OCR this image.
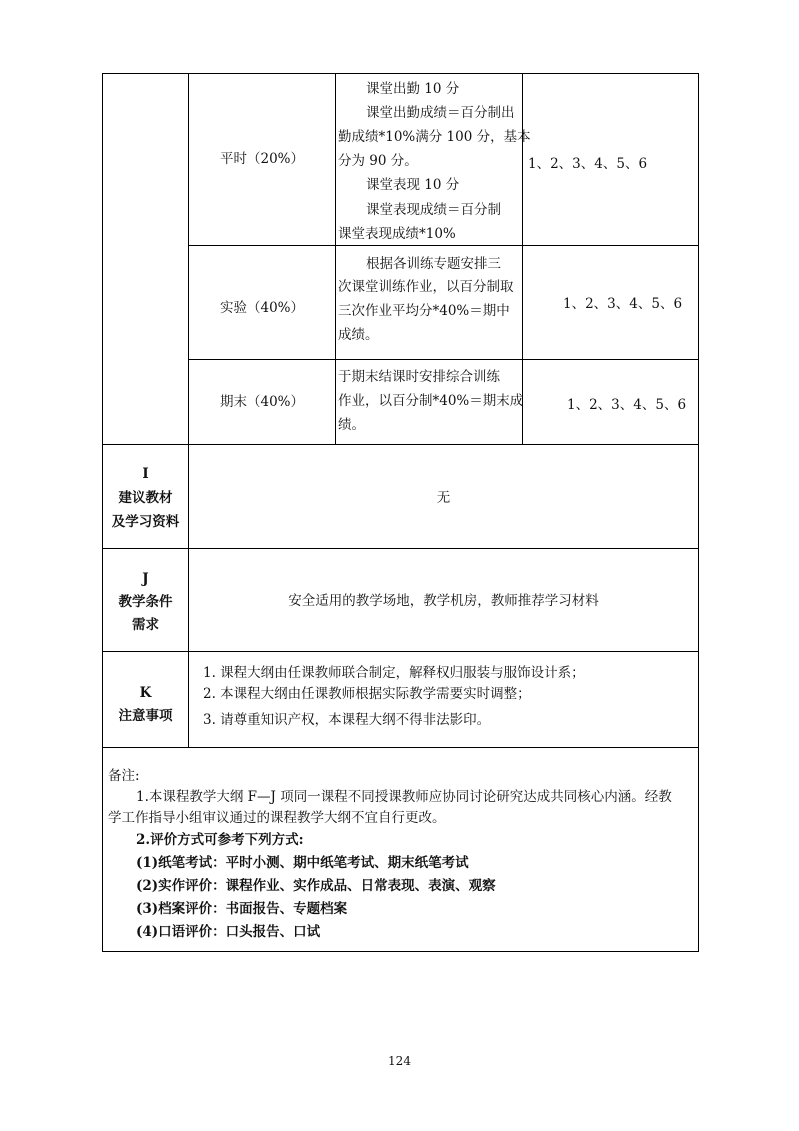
平时（20%）
课堂出勤 10 分
课堂出勤成绩＝百分制出
勤成绩*10%满分 100 分，基本
分为 90 分。
课堂表现 10 分
课堂表现成绩＝百分制
课堂表现成绩*10%
1、2、3、4、5、6
实验（40%）
根据各训练专题安排三
次课堂训练作业，以百分制取
三次作业平均分*40%＝期中
成绩。
1、2、3、4、5、6
期末（40%）
于期末结课时安排综合训练
作业，以百分制*40%＝期末成
绩。
1、2、3、4、5、6
I
建议教材
及学习资料
无
J
教学条件
需求
安全适用的教学场地，教学机房，教师推荐学习材料
K
注意事项
1. 课程大纲由任课教师联合制定，解释权归服装与服饰设计系；
2. 本课程大纲由任课教师根据实际教学需要实时调整；
3. 请尊重知识产权，本课程大纲不得非法影印。
备注:
1.本课程教学大纲 F—J 项同一课程不同授课教师应协同讨论研究达成共同核心内涵。经教
学工作指导小组审议通过的课程教学大纲不宜自行更改。
2.评价方式可参考下列方式:
(1)纸笔考试：平时小测、期中纸笔考试、期末纸笔考试
(2)实作评价：课程作业、实作成品、日常表现、表演、观察
(3)档案评价：书面报告、专题档案
(4)口语评价：口头报告、口试
124
